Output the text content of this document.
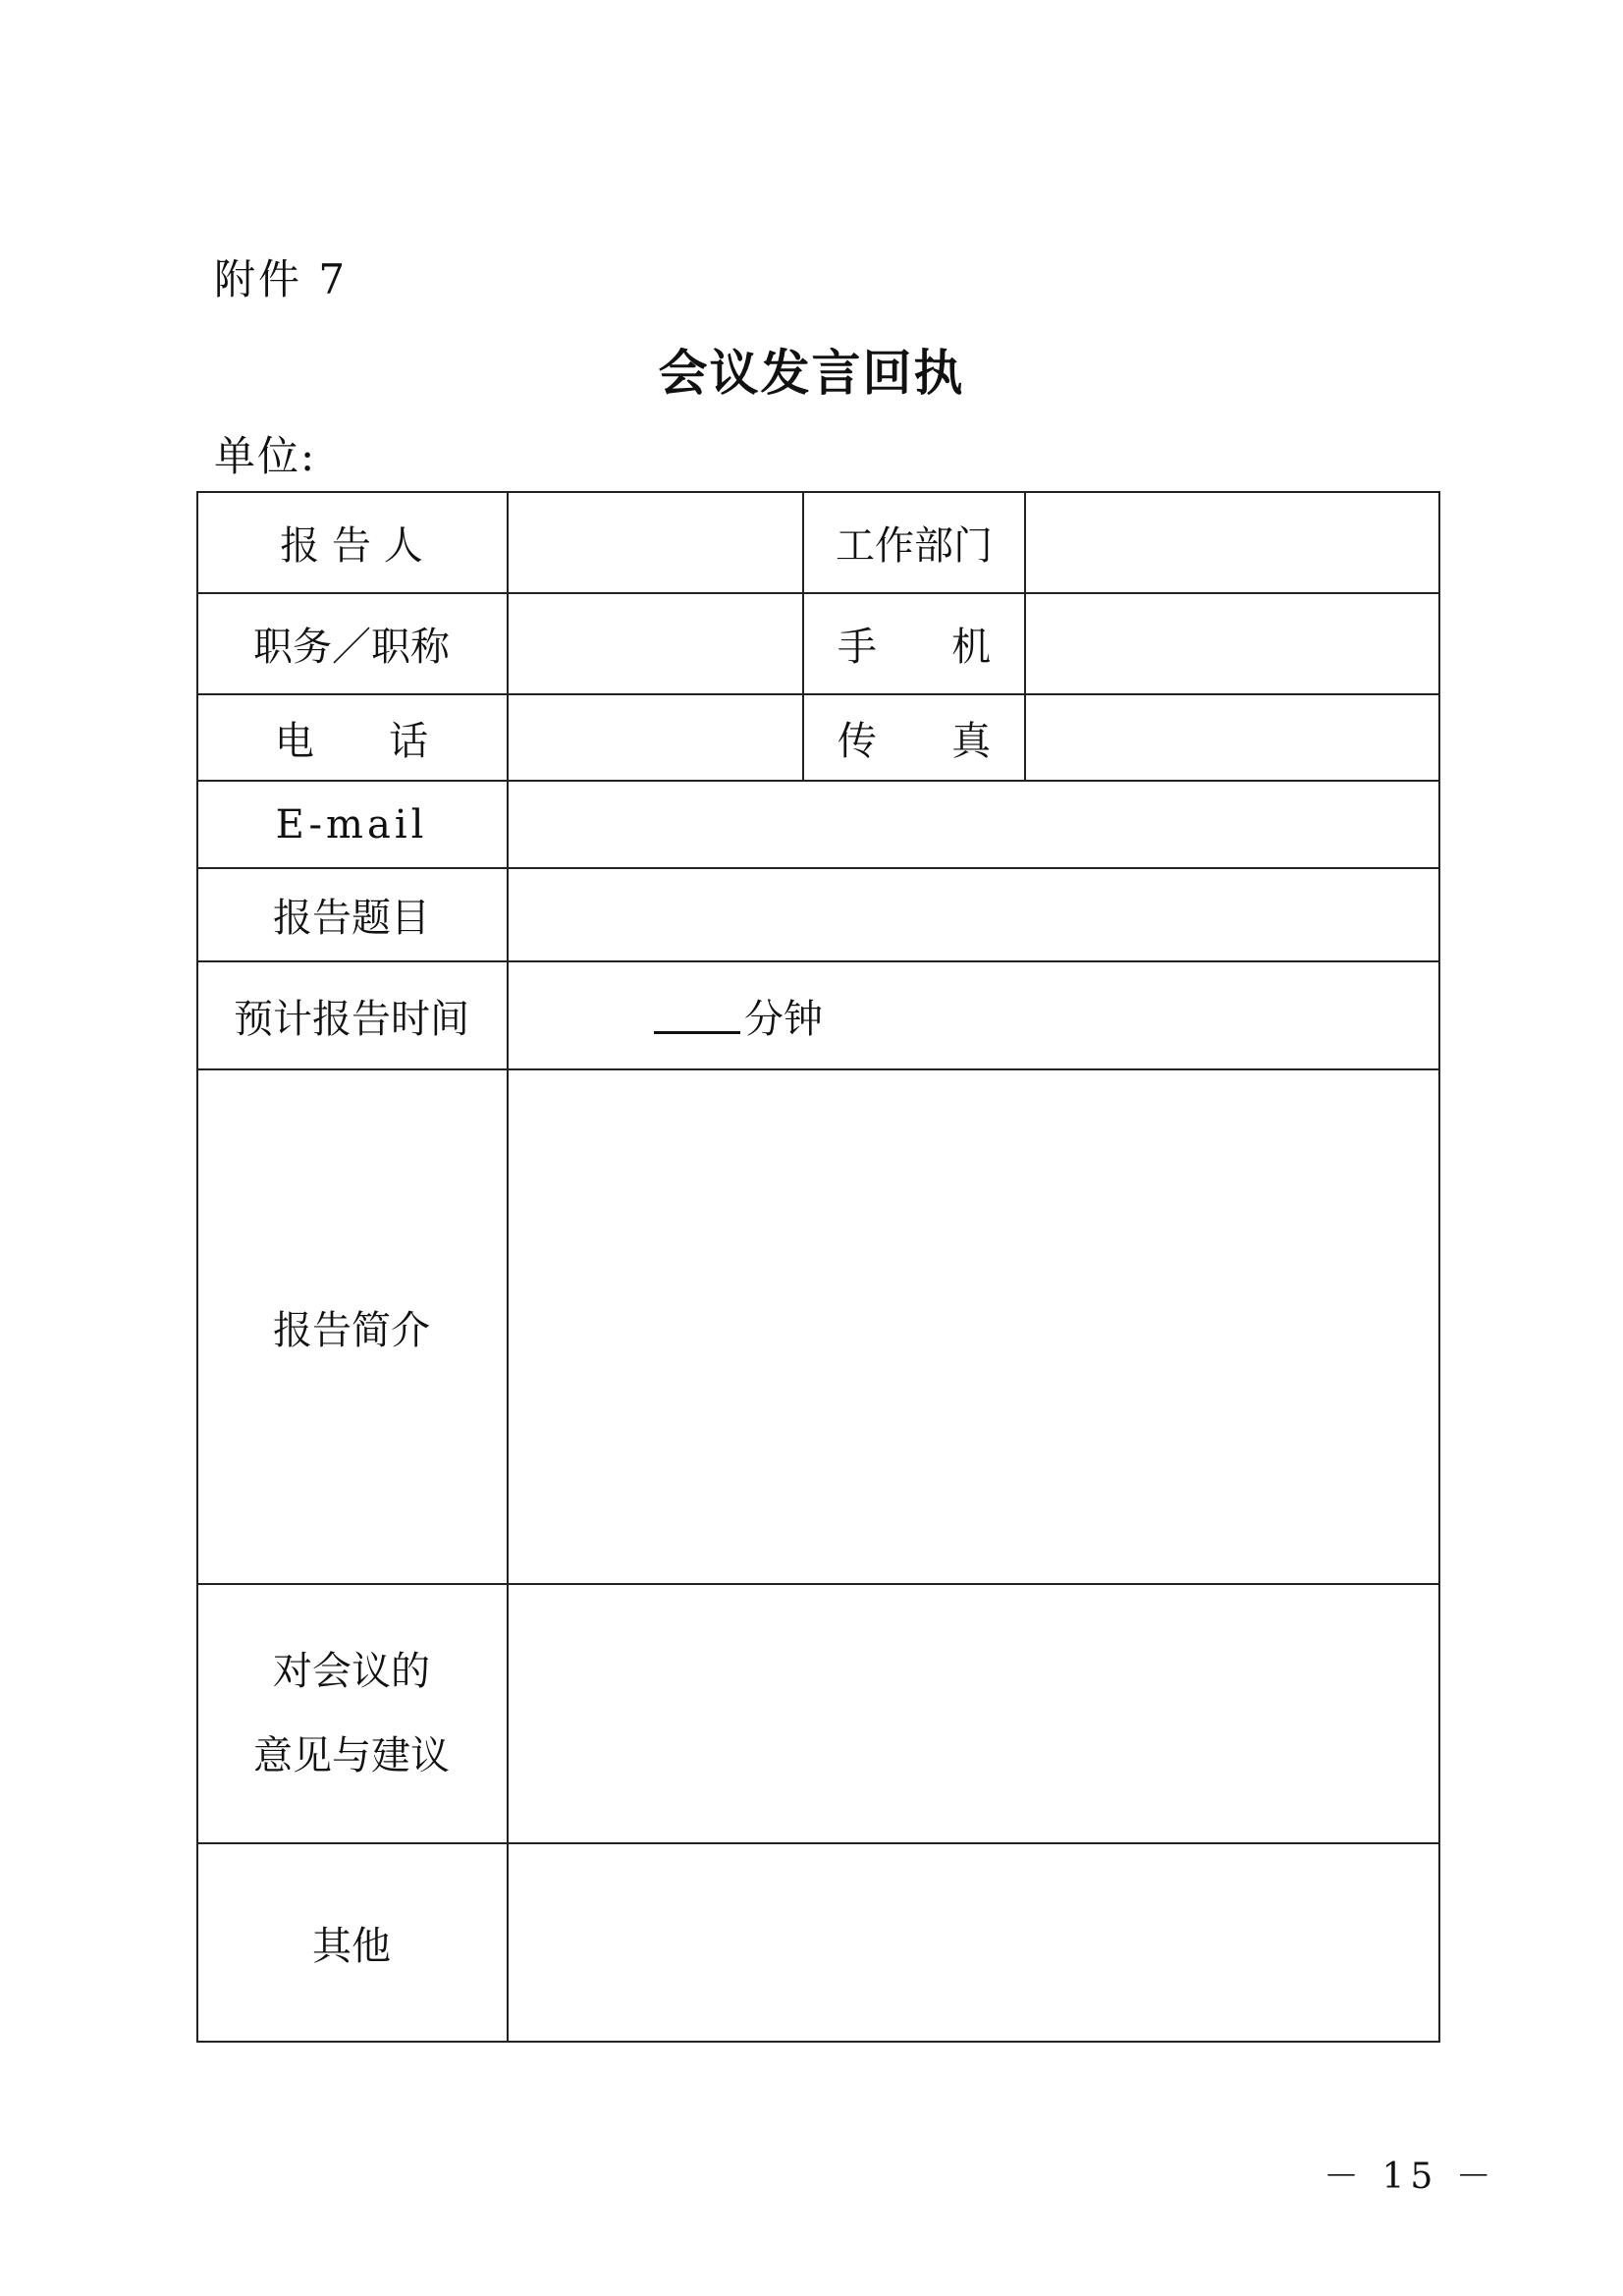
附件 7
会议发言回执
单位:
报 告 人	工作部门
职务／职称	手      机
电      话	传      真
E-mail
报告题目
预计报告时间	分钟
报告简介
对会议的
意见与建议
其他
－ 15 －
